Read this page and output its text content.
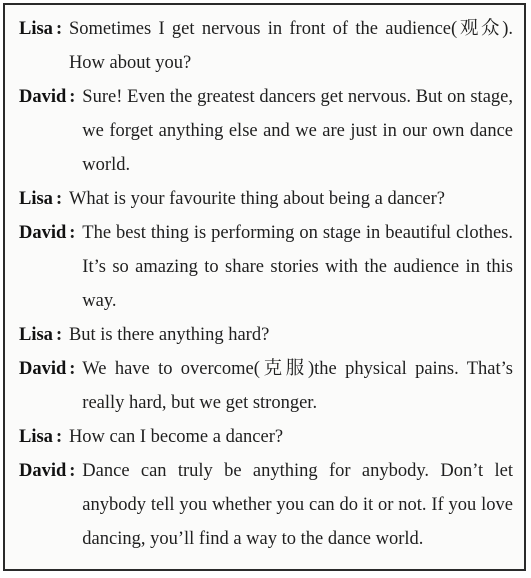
Lisa : Sometimes I get nervous in front of the audience(观众). How about you?
David : Sure! Even the greatest dancers get nervous. But on stage, we forget anything else and we are just in our own dance world.
Lisa : What is your favourite thing about being a dancer?
David : The best thing is performing on stage in beautiful clothes. It’s so amazing to share stories with the audience in this way.
Lisa : But is there anything hard?
David : We have to overcome(克服)the physical pains. That’s really hard, but we get stronger.
Lisa : How can I become a dancer?
David : Dance can truly be anything for anybody. Don’t let anybody tell you whether you can do it or not. If you love dancing, you’ll find a way to the dance world.
